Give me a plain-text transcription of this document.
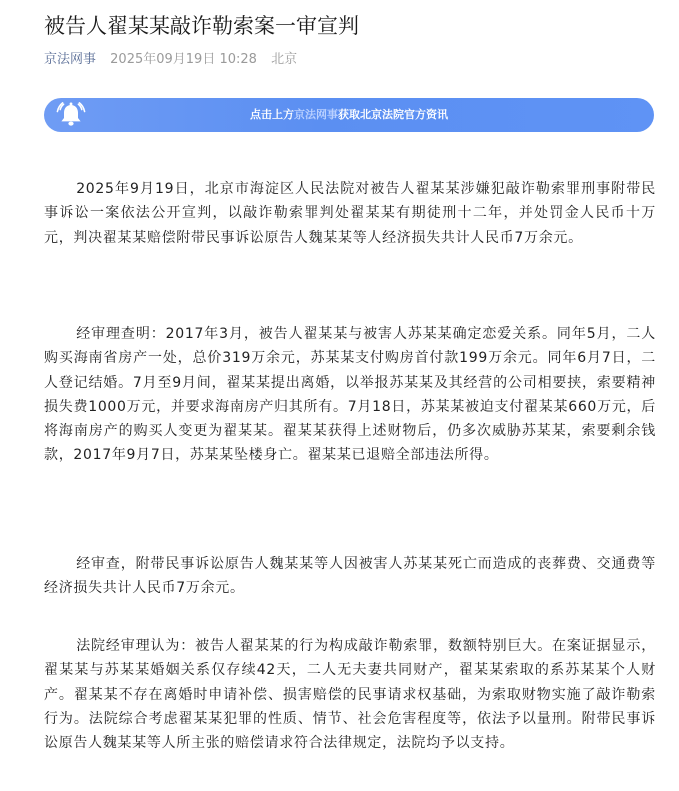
被告人翟某某敲诈勒索案一审宣判
京法网事 2025年09月19日 10:28 北京
点击上方京法网事获取北京法院官方资讯

2025年9月19日，北京市海淀区人民法院对被告人翟某某涉嫌犯敲诈勒索罪刑事附带民事诉讼一案依法公开宣判，以敲诈勒索罪判处翟某某有期徒刑十二年，并处罚金人民币十万元，判决翟某某赔偿附带民事诉讼原告人魏某某等人经济损失共计人民币7万余元。

经审理查明：2017年3月，被告人翟某某与被害人苏某某确定恋爱关系。同年5月，二人购买海南省房产一处，总价319万余元，苏某某支付购房首付款199万余元。同年6月7日，二人登记结婚。7月至9月间，翟某某提出离婚，以举报苏某某及其经营的公司相要挟，索要精神损失费1000万元，并要求海南房产归其所有。7月18日，苏某某被迫支付翟某某660万元，后将海南房产的购买人变更为翟某某。翟某某获得上述财物后，仍多次威胁苏某某，索要剩余钱款，2017年9月7日，苏某某坠楼身亡。翟某某已退赔全部违法所得。

经审查，附带民事诉讼原告人魏某某等人因被害人苏某某死亡而造成的丧葬费、交通费等经济损失共计人民币7万余元。

法院经审理认为：被告人翟某某的行为构成敲诈勒索罪，数额特别巨大。在案证据显示，翟某某与苏某某婚姻关系仅存续42天，二人无夫妻共同财产，翟某某索取的系苏某某个人财产。翟某某不存在离婚时申请补偿、损害赔偿的民事请求权基础，为索取财物实施了敲诈勒索行为。法院综合考虑翟某某犯罪的性质、情节、社会危害程度等，依法予以量刑。附带民事诉讼原告人魏某某等人所主张的赔偿请求符合法律规定，法院均予以支持。
